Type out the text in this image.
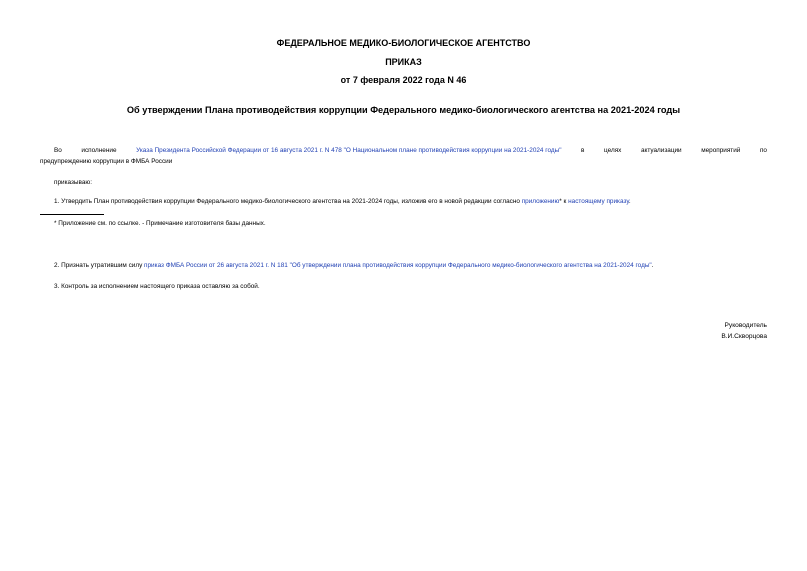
ФЕДЕРАЛЬНОЕ МЕДИКО-БИОЛОГИЧЕСКОЕ АГЕНТСТВО
ПРИКАЗ
от 7 февраля 2022 года N 46
Об утверждении Плана противодействия коррупции Федерального медико-биологического агентства на 2021-2024 годы
Во	исполнение	Указа Президента Российской Федерации от 16 августа 2021 г. N 478 "О Национальном плане противодействия коррупции на 2021-2024 годы"	в	целях	актуализации	мероприятий	по
предупреждению коррупции в ФМБА России
приказываю:
1. Утвердить План противодействия коррупции Федерального медико-биологического агентства на 2021-2024 годы, изложив его в новой редакции согласно приложению* к настоящему приказу.
* Приложение см. по ссылке. - Примечание изготовителя базы данных.
2. Признать утратившим силу приказ ФМБА России от 26 августа 2021 г. N 181 "Об утверждении плана противодействия коррупции Федерального медико-биологического агентства на 2021-2024 годы".
3. Контроль за исполнением настоящего приказа оставляю за собой.
Руководитель
В.И.Скворцова
